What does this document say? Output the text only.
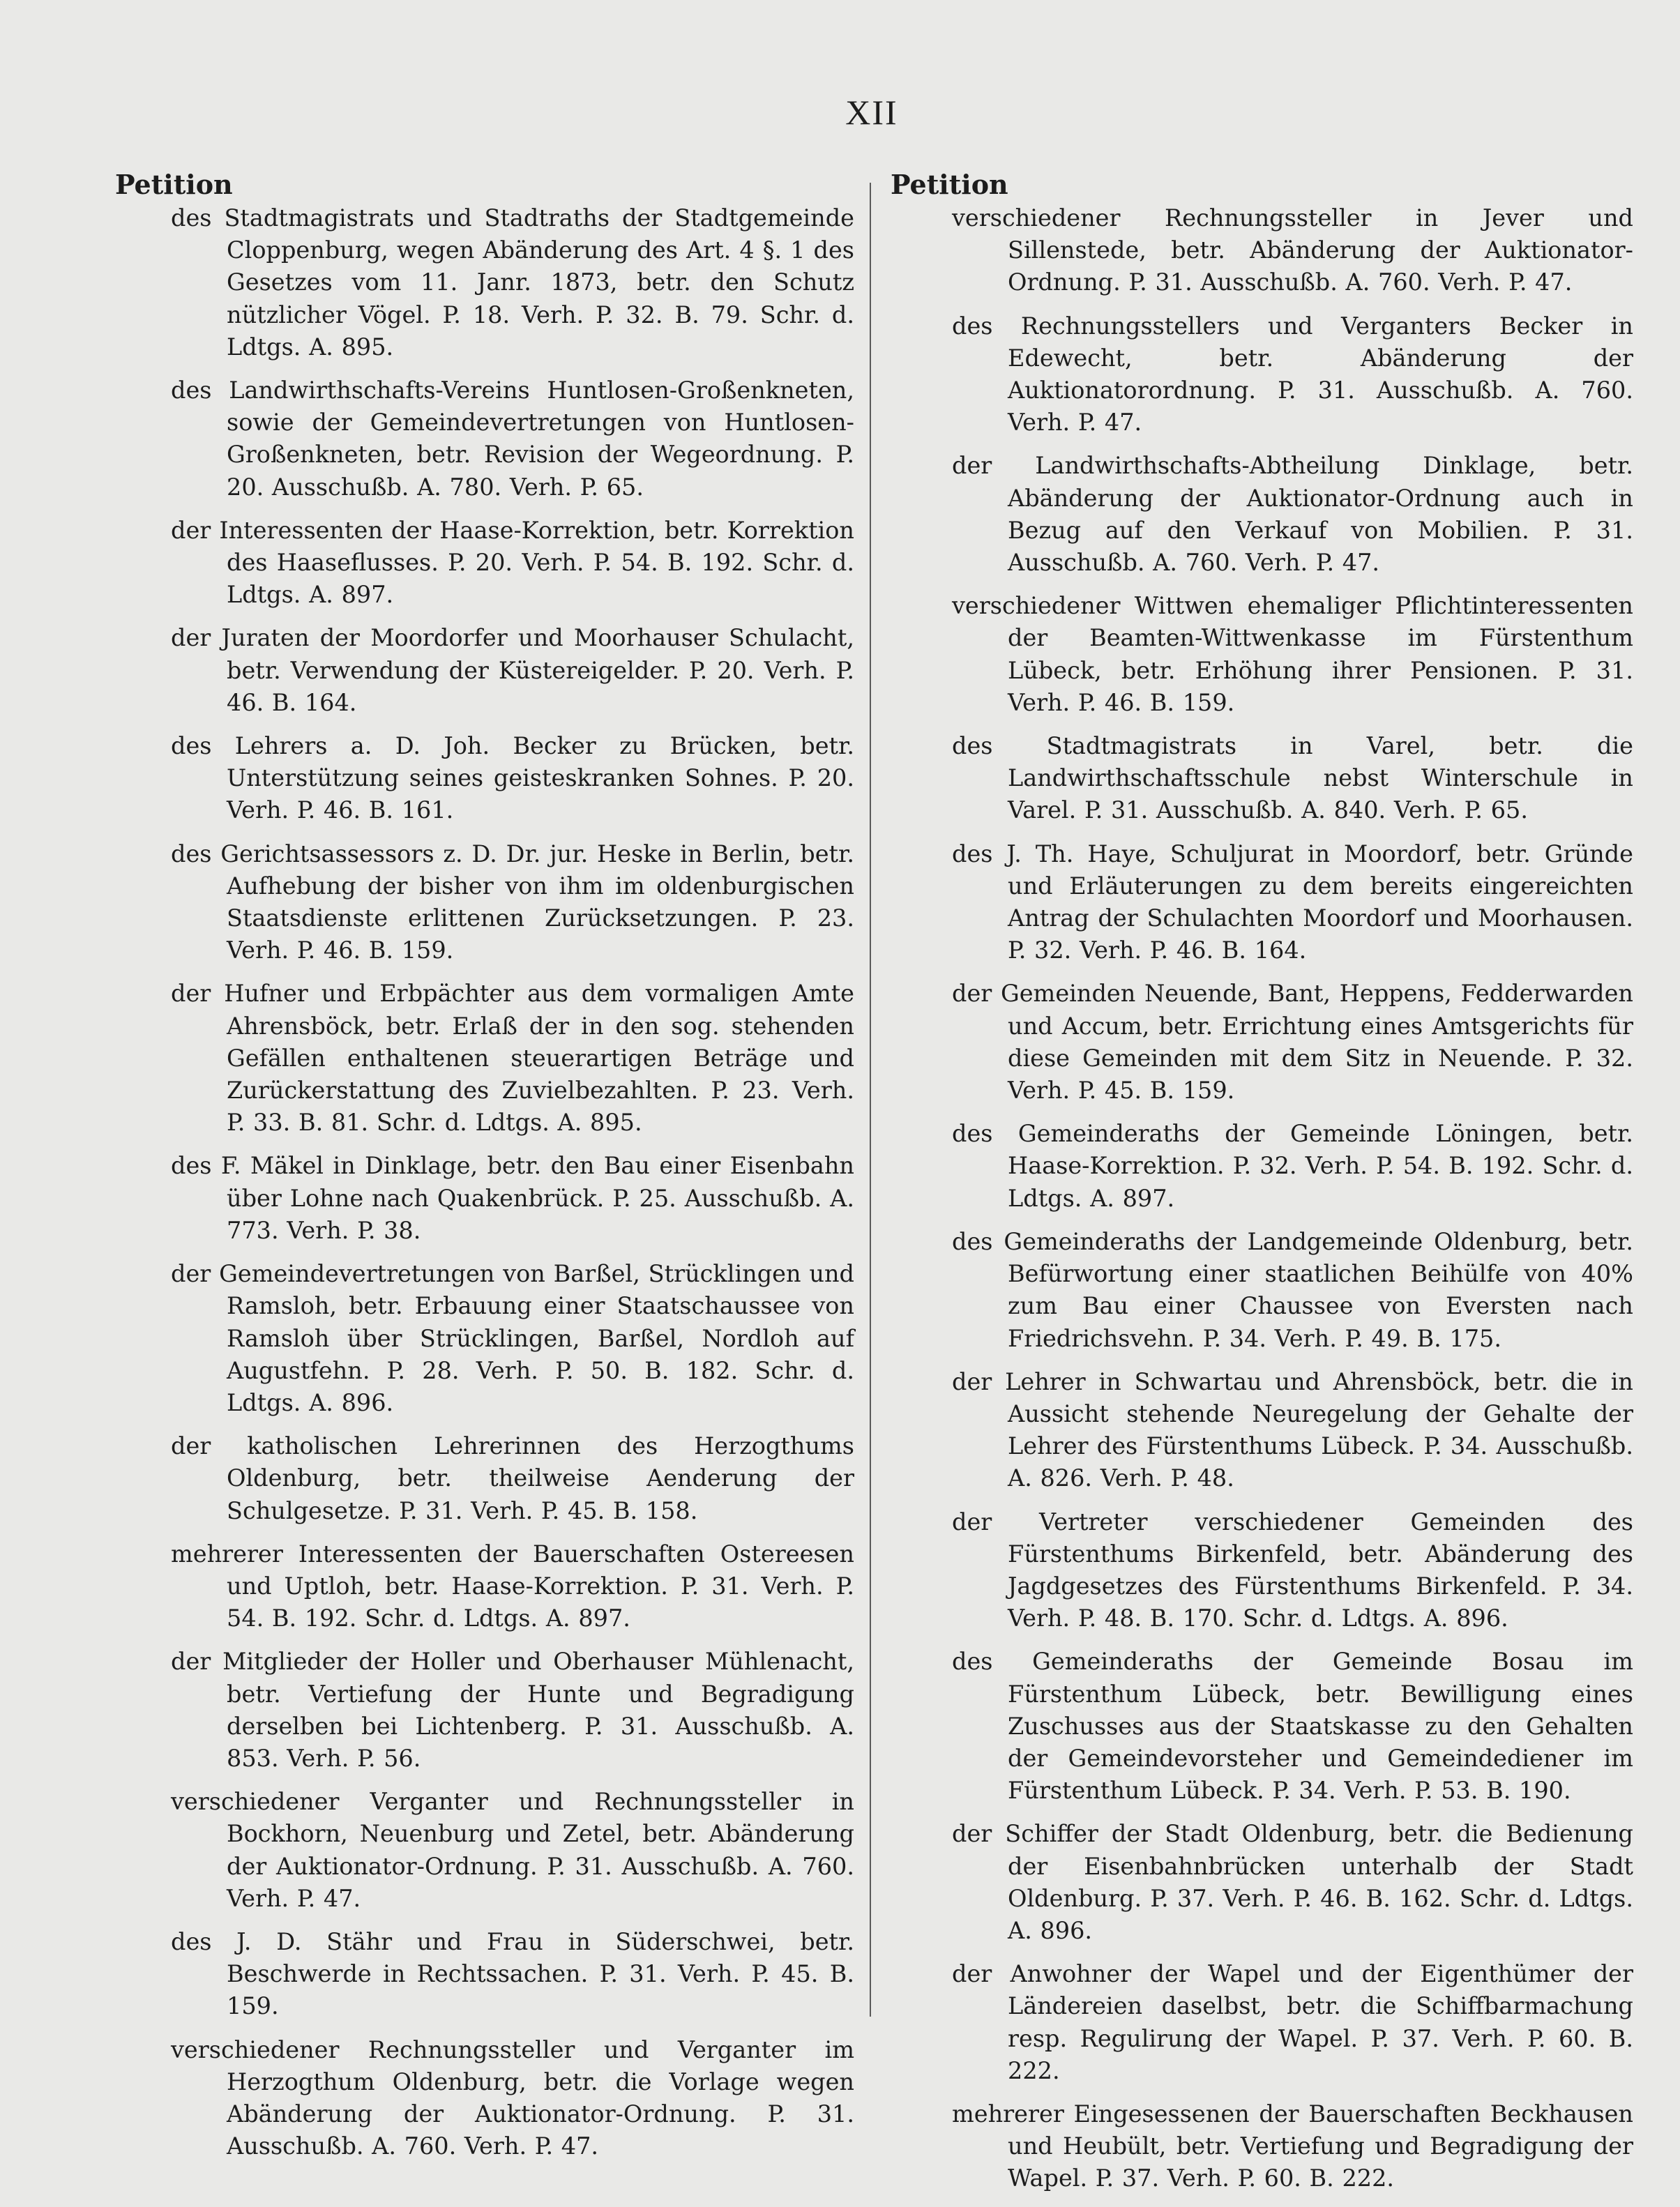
XII
Petition
des Stadtmagistrats und Stadtraths der Stadtgemeinde Cloppenburg, wegen Abänderung des Art. 4 §. 1 des Gesetzes vom 11. Janr. 1873, betr. den Schutz nützlicher Vögel. P. 18. Verh. P. 32. B. 79. Schr. d. Ldtgs. A. 895.
des Landwirthschafts-Vereins Huntlosen-Großenkneten, sowie der Gemeindevertretungen von Huntlosen-Großenkneten, betr. Revision der Wegeordnung. P. 20. Ausschußb. A. 780. Verh. P. 65.
der Interessenten der Haase-Korrektion, betr. Korrektion des Haaseflusses. P. 20. Verh. P. 54. B. 192. Schr. d. Ldtgs. A. 897.
der Juraten der Moordorfer und Moorhauser Schulacht, betr. Verwendung der Küstereigelder. P. 20. Verh. P. 46. B. 164.
des Lehrers a. D. Joh. Becker zu Brücken, betr. Unterstützung seines geisteskranken Sohnes. P. 20. Verh. P. 46. B. 161.
des Gerichtsassessors z. D. Dr. jur. Heske in Berlin, betr. Aufhebung der bisher von ihm im oldenburgischen Staatsdienste erlittenen Zurücksetzungen. P. 23. Verh. P. 46. B. 159.
der Hufner und Erbpächter aus dem vormaligen Amte Ahrensböck, betr. Erlaß der in den sog. stehenden Gefällen enthaltenen steuerartigen Beträge und Zurückerstattung des Zuvielbezahlten. P. 23. Verh. P. 33. B. 81. Schr. d. Ldtgs. A. 895.
des F. Mäkel in Dinklage, betr. den Bau einer Eisenbahn über Lohne nach Quakenbrück. P. 25. Ausschußb. A. 773. Verh. P. 38.
der Gemeindevertretungen von Barßel, Strücklingen und Ramsloh, betr. Erbauung einer Staatschaussee von Ramsloh über Strücklingen, Barßel, Nordloh auf Augustfehn. P. 28. Verh. P. 50. B. 182. Schr. d. Ldtgs. A. 896.
der katholischen Lehrerinnen des Herzogthums Oldenburg, betr. theilweise Aenderung der Schulgesetze. P. 31. Verh. P. 45. B. 158.
mehrerer Interessenten der Bauerschaften Ostereesen und Uptloh, betr. Haase-Korrektion. P. 31. Verh. P. 54. B. 192. Schr. d. Ldtgs. A. 897.
der Mitglieder der Holler und Oberhauser Mühlenacht, betr. Vertiefung der Hunte und Begradigung derselben bei Lichtenberg. P. 31. Ausschußb. A. 853. Verh. P. 56.
verschiedener Verganter und Rechnungssteller in Bockhorn, Neuenburg und Zetel, betr. Abänderung der Auktionator-Ordnung. P. 31. Ausschußb. A. 760. Verh. P. 47.
des J. D. Stähr und Frau in Süderschwei, betr. Beschwerde in Rechtssachen. P. 31. Verh. P. 45. B. 159.
verschiedener Rechnungssteller und Verganter im Herzogthum Oldenburg, betr. die Vorlage wegen Abänderung der Auktionator-Ordnung. P. 31. Ausschußb. A. 760. Verh. P. 47.
Petition
verschiedener Rechnungssteller in Jever und Sillenstede, betr. Abänderung der Auktionator-Ordnung. P. 31. Ausschußb. A. 760. Verh. P. 47.
des Rechnungsstellers und Verganters Becker in Edewecht, betr. Abänderung der Auktionatorordnung. P. 31. Ausschußb. A. 760. Verh. P. 47.
der Landwirthschafts-Abtheilung Dinklage, betr. Abänderung der Auktionator-Ordnung auch in Bezug auf den Verkauf von Mobilien. P. 31. Ausschußb. A. 760. Verh. P. 47.
verschiedener Wittwen ehemaliger Pflichtinteressenten der Beamten-Wittwenkasse im Fürstenthum Lübeck, betr. Erhöhung ihrer Pensionen. P. 31. Verh. P. 46. B. 159.
des Stadtmagistrats in Varel, betr. die Landwirthschaftsschule nebst Winterschule in Varel. P. 31. Ausschußb. A. 840. Verh. P. 65.
des J. Th. Haye, Schuljurat in Moordorf, betr. Gründe und Erläuterungen zu dem bereits eingereichten Antrag der Schulachten Moordorf und Moorhausen. P. 32. Verh. P. 46. B. 164.
der Gemeinden Neuende, Bant, Heppens, Fedderwarden und Accum, betr. Errichtung eines Amtsgerichts für diese Gemeinden mit dem Sitz in Neuende. P. 32. Verh. P. 45. B. 159.
des Gemeinderaths der Gemeinde Löningen, betr. Haase-Korrektion. P. 32. Verh. P. 54. B. 192. Schr. d. Ldtgs. A. 897.
des Gemeinderaths der Landgemeinde Oldenburg, betr. Befürwortung einer staatlichen Beihülfe von 40% zum Bau einer Chaussee von Eversten nach Friedrichsvehn. P. 34. Verh. P. 49. B. 175.
der Lehrer in Schwartau und Ahrensböck, betr. die in Aussicht stehende Neuregelung der Gehalte der Lehrer des Fürstenthums Lübeck. P. 34. Ausschußb. A. 826. Verh. P. 48.
der Vertreter verschiedener Gemeinden des Fürstenthums Birkenfeld, betr. Abänderung des Jagdgesetzes des Fürstenthums Birkenfeld. P. 34. Verh. P. 48. B. 170. Schr. d. Ldtgs. A. 896.
des Gemeinderaths der Gemeinde Bosau im Fürstenthum Lübeck, betr. Bewilligung eines Zuschusses aus der Staatskasse zu den Gehalten der Gemeindevorsteher und Gemeindediener im Fürstenthum Lübeck. P. 34. Verh. P. 53. B. 190.
der Schiffer der Stadt Oldenburg, betr. die Bedienung der Eisenbahnbrücken unterhalb der Stadt Oldenburg. P. 37. Verh. P. 46. B. 162. Schr. d. Ldtgs. A. 896.
der Anwohner der Wapel und der Eigenthümer der Ländereien daselbst, betr. die Schiffbarmachung resp. Regulirung der Wapel. P. 37. Verh. P. 60. B. 222.
mehrerer Eingesessenen der Bauerschaften Beckhausen und Heubült, betr. Vertiefung und Begradigung der Wapel. P. 37. Verh. P. 60. B. 222.
